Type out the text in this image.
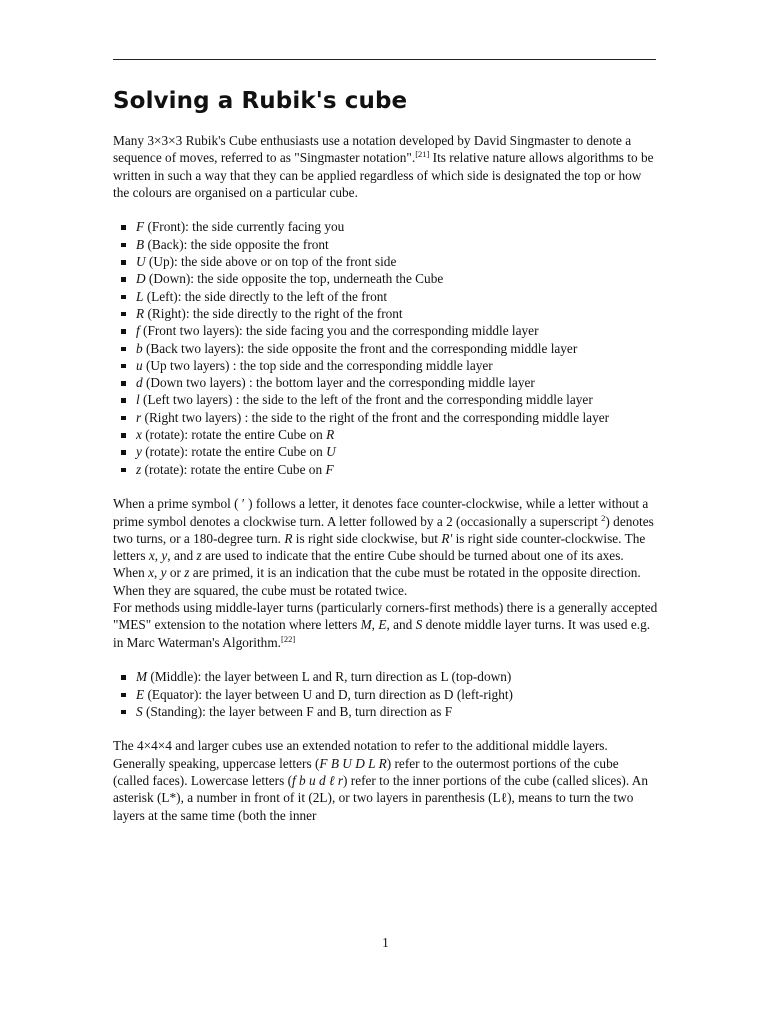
Solving a Rubik's cube

Many 3×3×3 Rubik's Cube enthusiasts use a notation developed by David Singmaster to denote a sequence of moves, referred to as "Singmaster notation".[21] Its relative nature allows algorithms to be written in such a way that they can be applied regardless of which side is designated the top or how the colours are organised on a particular cube.

F (Front): the side currently facing you
B (Back): the side opposite the front
U (Up): the side above or on top of the front side
D (Down): the side opposite the top, underneath the Cube
L (Left): the side directly to the left of the front
R (Right): the side directly to the right of the front
f (Front two layers): the side facing you and the corresponding middle layer
b (Back two layers): the side opposite the front and the corresponding middle layer
u (Up two layers) : the top side and the corresponding middle layer
d (Down two layers) : the bottom layer and the corresponding middle layer
l (Left two layers) : the side to the left of the front and the corresponding middle layer
r (Right two layers) : the side to the right of the front and the corresponding middle layer
x (rotate): rotate the entire Cube on R
y (rotate): rotate the entire Cube on U
z (rotate): rotate the entire Cube on F

When a prime symbol ( ′ ) follows a letter, it denotes face counter-clockwise, while a letter without a prime symbol denotes a clockwise turn. A letter followed by a 2 (occasionally a superscript $^2$) denotes two turns, or a 180-degree turn. R is right side clockwise, but R' is right side counter-clockwise. The letters x, y, and z are used to indicate that the entire Cube should be turned about one of its axes. When x, y or z are primed, it is an indication that the cube must be rotated in the opposite direction. When they are squared, the cube must be rotated twice.

For methods using middle-layer turns (particularly corners-first methods) there is a generally accepted "MES" extension to the notation where letters M, E, and S denote middle layer turns. It was used e.g. in Marc Waterman's Algorithm.[22]

M (Middle): the layer between L and R, turn direction as L (top-down)
E (Equator): the layer between U and D, turn direction as D (left-right)
S (Standing): the layer between F and B, turn direction as F

The 4×4×4 and larger cubes use an extended notation to refer to the additional middle layers. Generally speaking, uppercase letters (F B U D L R) refer to the outermost portions of the cube (called faces). Lowercase letters (f b u d ℓ r) refer to the inner portions of the cube (called slices). An asterisk (L*), a number in front of it (2L), or two layers in parenthesis (Lℓ), means to turn the two layers at the same time (both the inner

1
